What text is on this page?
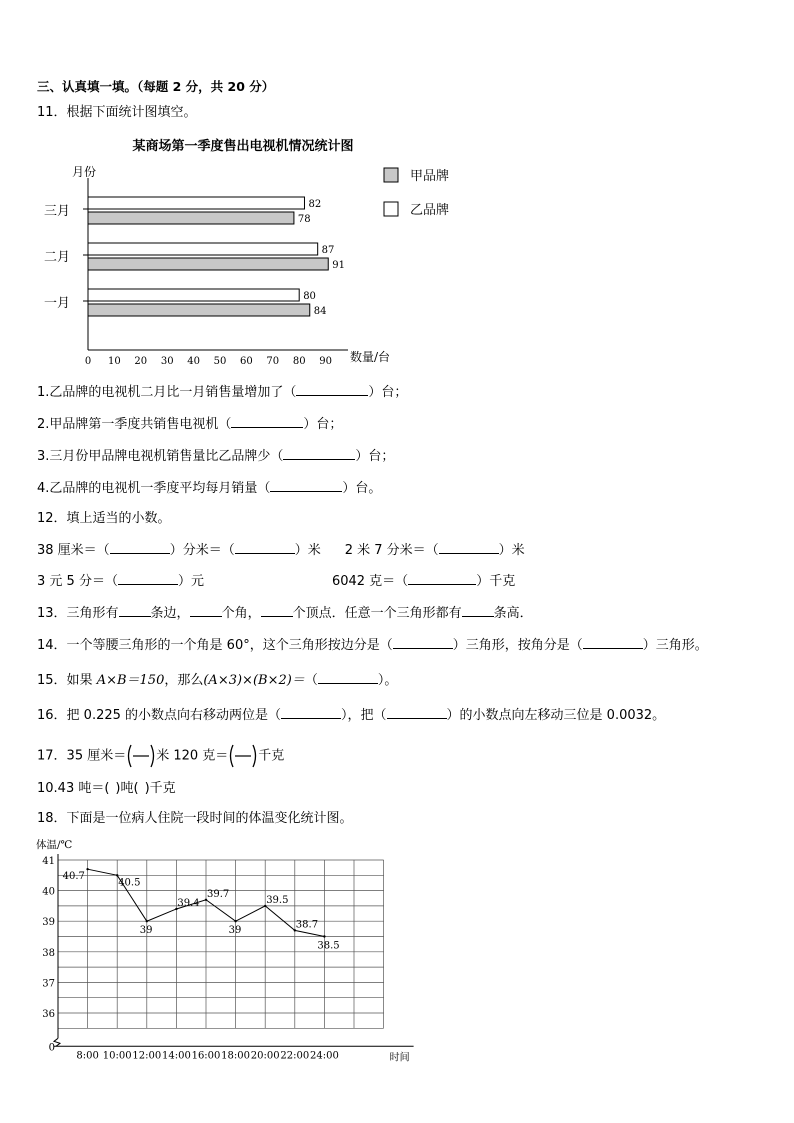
三、认真填一填。（每题 2 分，共 20 分）
11．根据下面统计图填空。
某商场第一季度售出电视机情况统计图
月份
数量/台
0 10 20 30 40 50 60 70 80 90
一月	80
84
二月	87
91
三月	82
78
甲品牌
乙品牌
1.乙品牌的电视机二月比一月销售量增加了（	）台；
2.甲品牌第一季度共销售电视机（	）台；
3.三月份甲品牌电视机销售量比乙品牌少（	）台；
4.乙品牌的电视机一季度平均每月销量（	）台。
12．填上适当的小数。
38 厘米＝（	）分米＝（	）米 2 米 7 分米＝（	）米
3 元 5 分＝（	）元	6042 克＝（	）千克
13．三角形有 条边， 个角， 个顶点．任意一个三角形都有 条高．
14．一个等腰三角形的一个角是 60°，这个三角形按边分是（	）三角形，按角分是（	）三角形。
15．如果 A×B＝150，那么(A×3)×(B×2)＝（	）。
16．把 0.225 的小数点向右移动两位是（	），把（	）的小数点向左移动三位是 0.0032。
17．35 厘米＝ 米 120 克＝ 千克
10.43 吨＝( )吨( )千克
18．下面是一位病人住院一段时间的体温变化统计图。
体温/℃
0
36
37
38
39
40
41
8:00 10:00 12:00 14:00 16:00 18:00 20:00 22:00 24:00	时间
40.7
40.5
39
39.4
39.7
39
39.5
38.7
38.5
